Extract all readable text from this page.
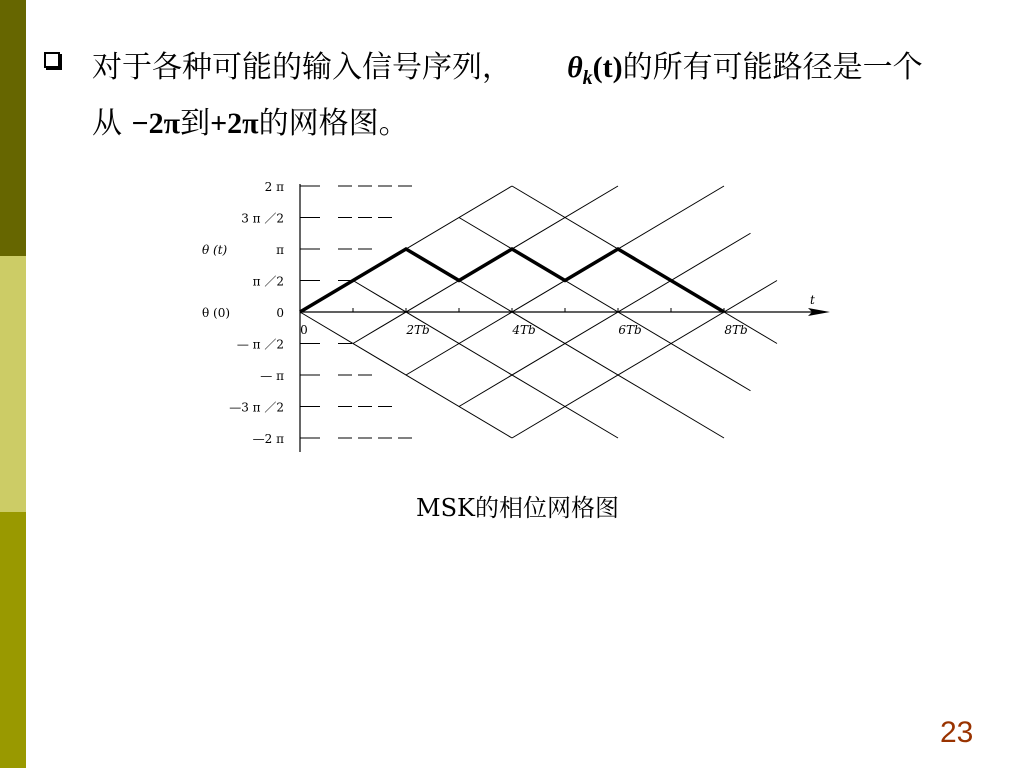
对于各种可能的输入信号序列， $\theta_k(t)$的所有可能路径是一个
从 −2π到+2π的网格图。
2 π
3 π ／2
π
π ／2
0
— π ／2
— π
—3 π ／2
—2 π
θ (t)
θ (0)
0	2Tb	4Tb	6Tb	8Tb
t
MSK的相位网格图
23
